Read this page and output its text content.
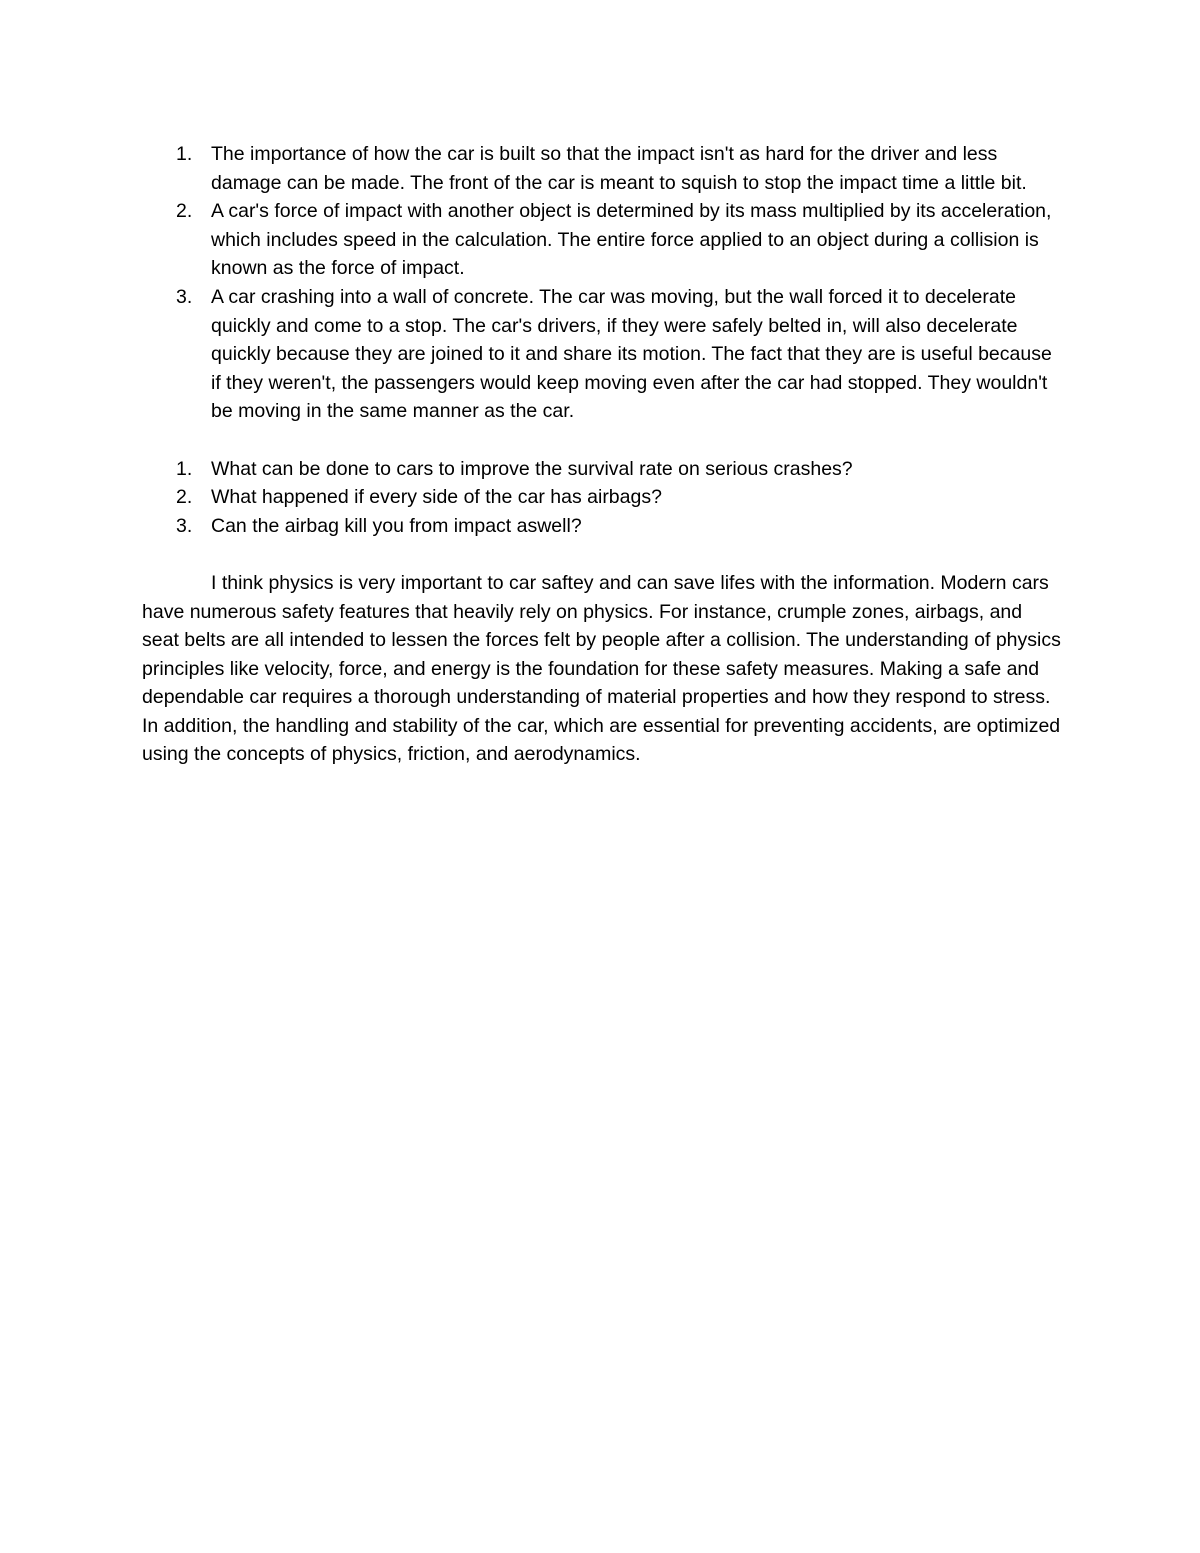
1. The importance of how the car is built so that the impact isn't as hard for the driver and less damage can be made. The front of the car is meant to squish to stop the impact time a little bit.
2. A car's force of impact with another object is determined by its mass multiplied by its acceleration, which includes speed in the calculation. The entire force applied to an object during a collision is known as the force of impact.
3. A car crashing into a wall of concrete. The car was moving, but the wall forced it to decelerate quickly and come to a stop. The car's drivers, if they were safely belted in, will also decelerate quickly because they are joined to it and share its motion. The fact that they are is useful because if they weren't, the passengers would keep moving even after the car had stopped. They wouldn't be moving in the same manner as the car.
1. What can be done to cars to improve the survival rate on serious crashes?
2. What happened if every side of the car has airbags?
3. Can the airbag kill you from impact aswell?

I think physics is very important to car saftey and can save lifes with the information. Modern cars have numerous safety features that heavily rely on physics. For instance, crumple zones, airbags, and seat belts are all intended to lessen the forces felt by people after a collision. The understanding of physics principles like velocity, force, and energy is the foundation for these safety measures. Making a safe and dependable car requires a thorough understanding of material properties and how they respond to stress. In addition, the handling and stability of the car, which are essential for preventing accidents, are optimized using the concepts of physics, friction, and aerodynamics.
